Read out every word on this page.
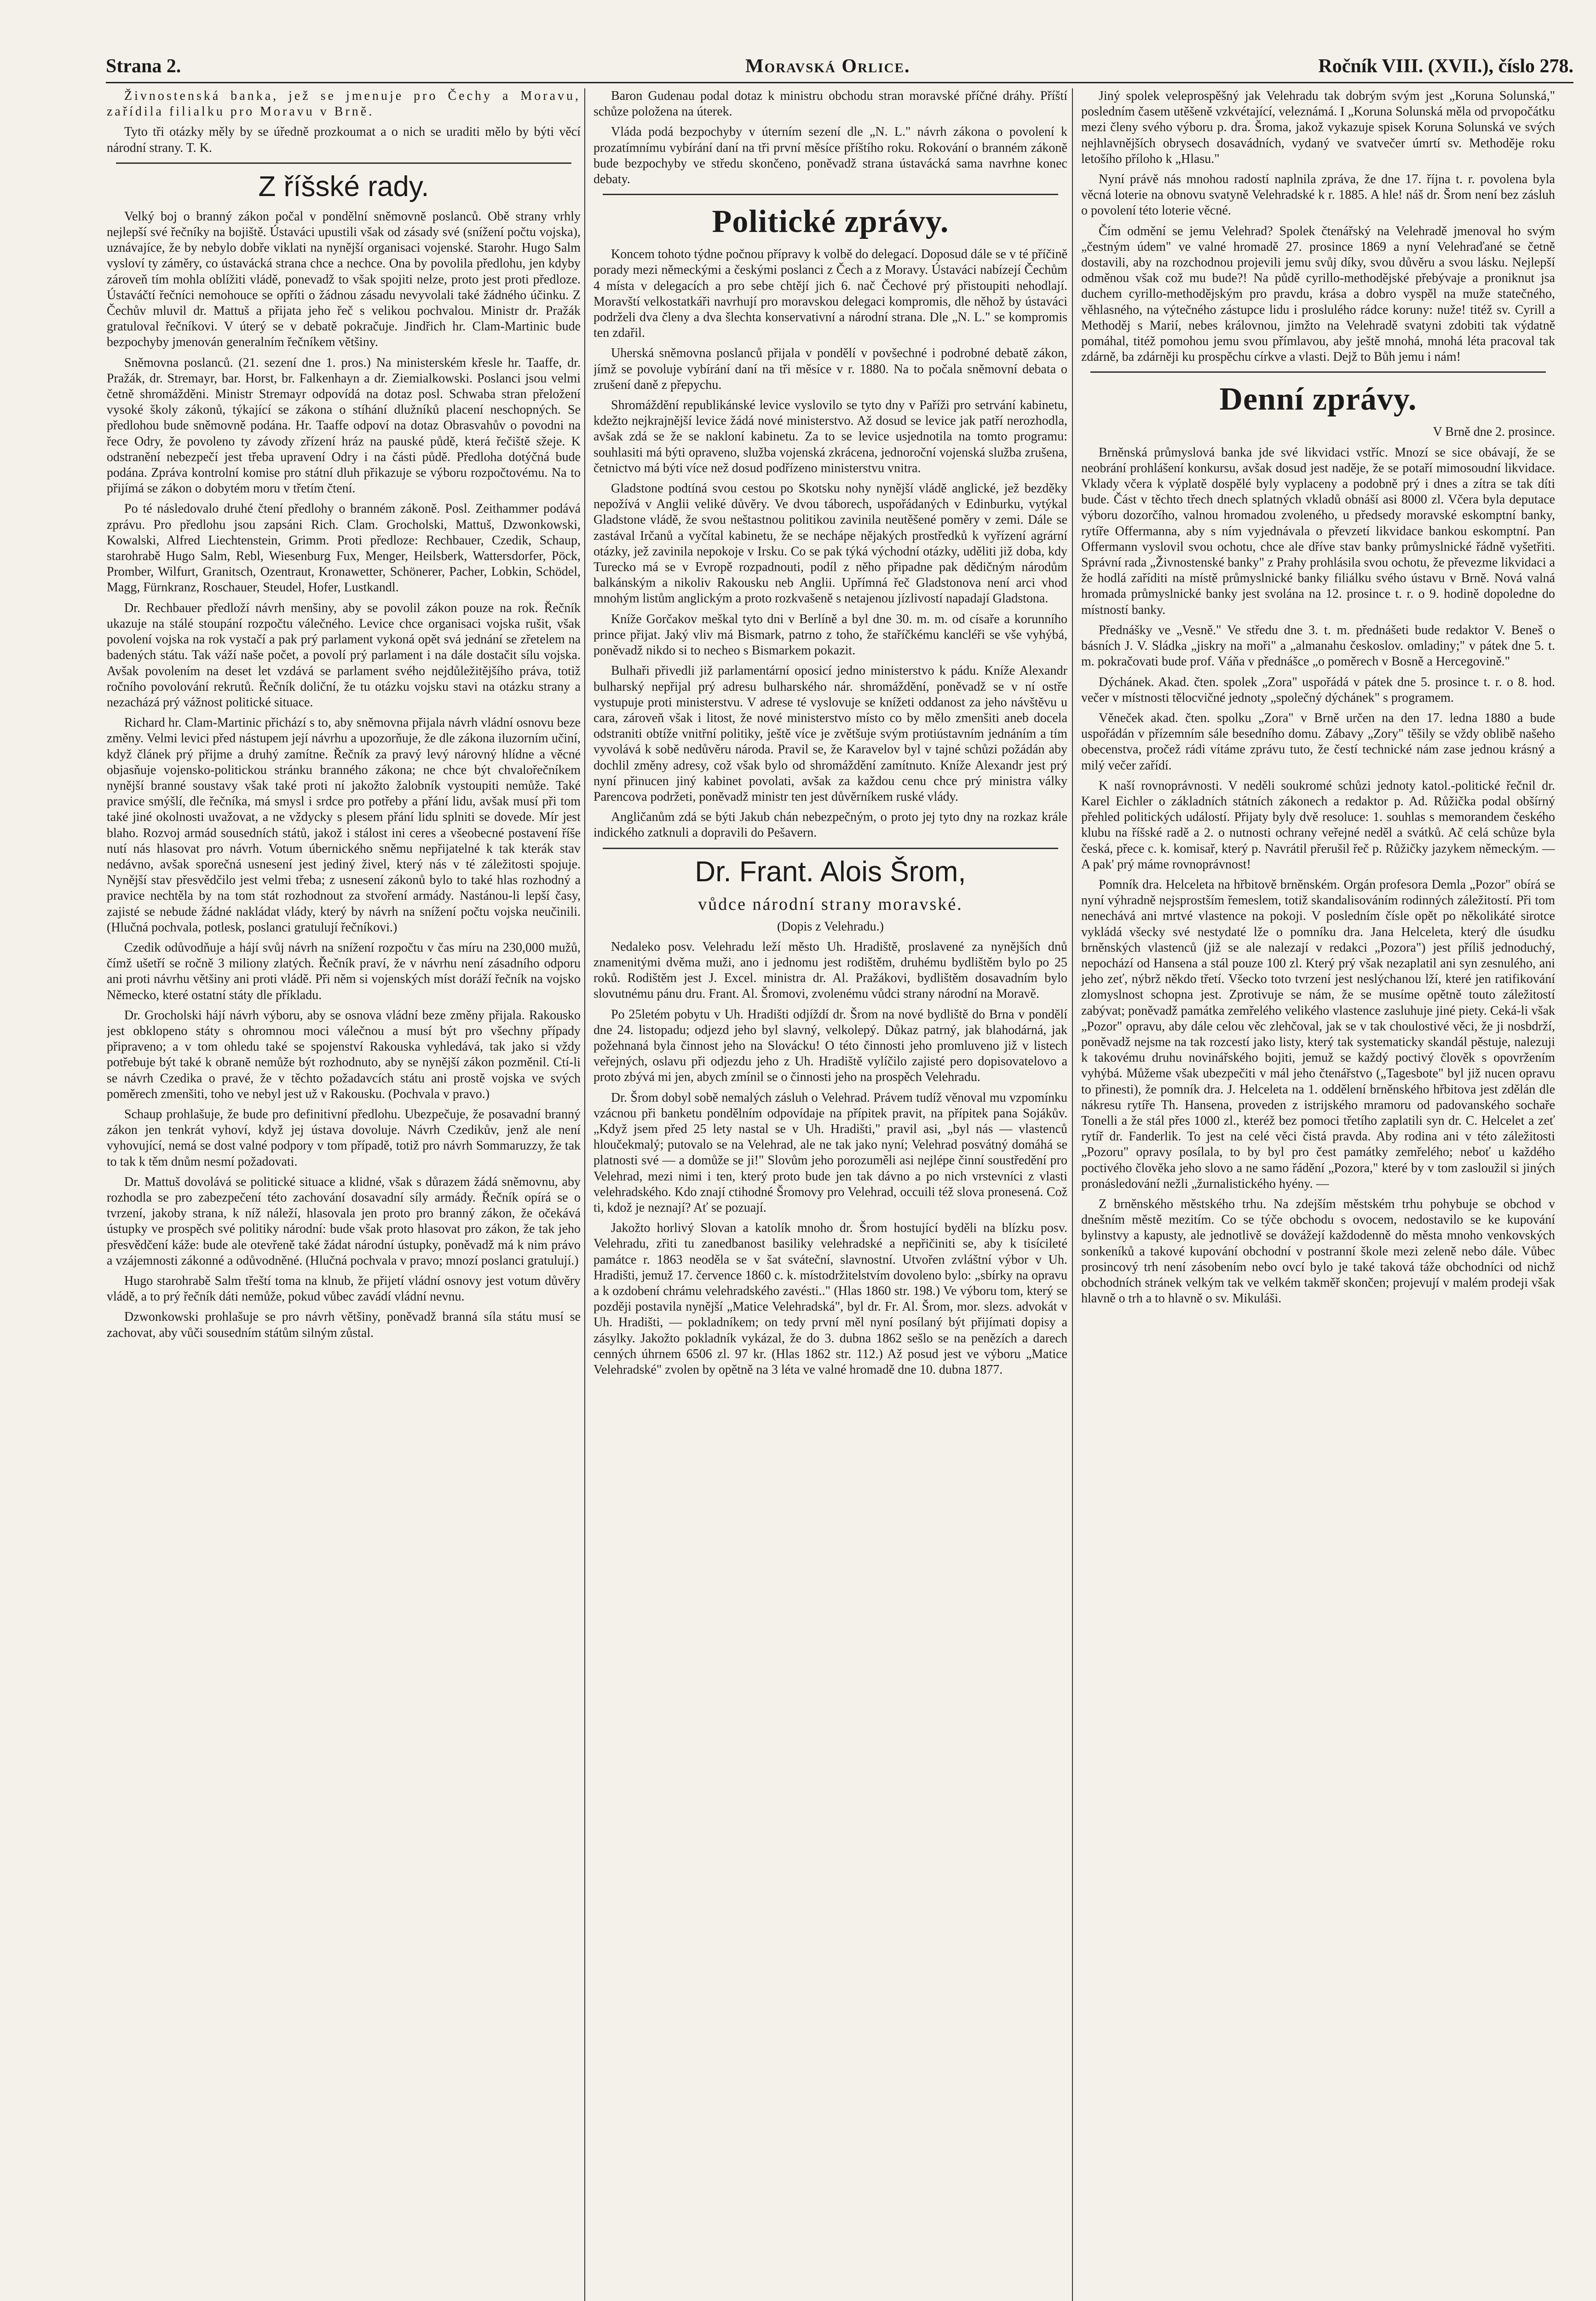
Strana 2.	Moravská Orlice.	Ročník VIII. (XVII.), číslo 278.

Živnostenská banka, jež se jmenuje pro Čechy a Moravu, zařídila filialku pro Moravu v Brně.

Tyto tři otázky měly by se úředně prozkoumat a o nich se uraditi mělo by býti věcí národní strany. T. K.

Z říšské rady.

Velký boj o branný zákon počal v pondělní sněmovně poslanců. Obě strany vrhly nejlepší své řečníky na bojiště. Ústaváci upustili však od zásady své (snížení počtu vojska), uznávajíce, že by nebylo dobře viklati na nynější organisaci vojenské. Starohr. Hugo Salm vysloví ty záměry, co ústavácká strana chce a nechce. Ona by povolila předlohu, jen kdyby zároveň tím mohla oblížiti vládě, ponevadž to však spojiti nelze, proto jest proti předloze. Ústaváčtí řečníci nemohouce se opříti o žádnou zásadu nevyvolali také žádného účinku. Z Čechův mluvil dr. Mattuš a přijata jeho řeč s velikou pochvalou. Ministr dr. Pražák gratuloval řečníkovi. V úterý se v debatě pokračuje. Jindřich hr. Clam-Martinic bude bezpochyby jmenován generalním řečníkem většiny.

Sněmovna poslanců. (21. sezení dne 1. pros.) Na ministerském křesle hr. Taaffe, dr. Pražák, dr. Stremayr, bar. Horst, br. Falkenhayn a dr. Ziemialkowski. Poslanci jsou velmi četně shromážděni. Ministr Stremayr odpovídá na dotaz posl. Schwaba stran přeložení vysoké školy zákonů, týkající se zákona o stíhání dlužníků placení neschopných. Se předlohou bude sněmovně podána. Hr. Taaffe odpoví na dotaz Obrasvahův o povodni na řece Odry, že povoleno ty závody zřízení hráz na pauské půdě, která řečiště sžeje. K odstranění nebezpečí jest třeba upravení Odry i na části půdě. Předloha dotýčná bude podána. Zpráva kontrolní komise pro státní dluh přikazuje se výboru rozpočtovému. Na to přijímá se zákon o dobytém moru v třetím čtení.

Po té následovalo druhé čtení předlohy o branném zákoně. Posl. Zeithammer podává zprávu. Pro předlohu jsou zapsáni Rich. Clam. Grocholski, Mattuš, Dzwonkowski, Kowalski, Alfred Liechtenstein, Grimm. Proti předloze: Rechbauer, Czedik, Schaup, starohrabě Hugo Salm, Rebl, Wiesenburg Fux, Menger, Heilsberk, Wattersdorfer, Pöck, Promber, Wilfurt, Granitsch, Ozentraut, Kronawetter, Schönerer, Pacher, Lobkin, Schödel, Magg, Fürnkranz, Roschauer, Steudel, Hofer, Lustkandl.

Dr. Rechbauer předloží návrh menšiny, aby se povolil zákon pouze na rok. Řečník ukazuje na stálé stoupání rozpočtu válečného. Levice chce organisaci vojska rušit, však povolení vojska na rok vystačí a pak prý parlament vykoná opět svá jednání se zřetelem na badených státu. Tak váží naše počet, a povolí prý parlament i na dále dostačit sílu vojska. Avšak povolením na deset let vzdává se parlament svého nejdůležitějšího práva, totiž ročního povolování rekrutů. Řečník doliční, že tu otázku vojsku stavi na otázku strany a nezacházá prý vážnost politické situace.

Richard hr. Clam-Martinic přichází s to, aby sněmovna přijala návrh vládní osnovu beze změny. Velmi levici před nástupem její návrhu a upozorňuje, že dle zákona iluzorním učiní, když článek prý přijme a druhý zamítne. Řečník za pravý levý nárovný hlídne a věcné objasňuje vojensko-politickou stránku branného zákona; ne chce být chvalořečníkem nynější branné soustavy však také proti ní jakožto žalobník vystoupiti nemůže. Také pravice smýšlí, dle řečníka, má smysl i srdce pro potřeby a přání lidu, avšak musí při tom také jiné okolnosti uvažovat, a ne vždycky s plesem přání lidu splniti se dovede. Mír jest blaho. Rozvoj armád sousedních států, jakož i stálost ini ceres a všeobecné postavení říše nutí nás hlasovat pro návrh. Votum úbernického sněmu nepřijatelné k tak kterák stav nedávno, avšak sporečná usnesení jest jediný živel, který nás v té záležitosti spojuje. Nynější stav přesvědčilo jest velmi třeba; z usnesení zákonů bylo to také hlas rozhodný a pravice nechtěla by na tom stát rozhodnout za stvoření armády. Nastánou-li lepší časy, zajisté se nebude žádné nakládat vlády, který by návrh na snížení počtu vojska neučinili. (Hlučná pochvala, potlesk, poslanci gratulují řečníkovi.)

Czedik odůvodňuje a hájí svůj návrh na snížení rozpočtu v čas míru na 230,000 mužů, čímž ušetří se ročně 3 miliony zlatých. Řečník praví, že v návrhu není zásadního odporu ani proti návrhu většiny ani proti vládě. Při něm si vojenských míst doráží řečník na vojsko Německo, které ostatní státy dle příkladu.

Dr. Grocholski hájí návrh výboru, aby se osnova vládní beze změny přijala. Rakousko jest obklopeno státy s ohromnou moci válečnou a musí být pro všechny případy připraveno; a v tom ohledu také se spojenství Rakouska vyhledává, tak jako si vždy potřebuje být také k obraně nemůže být rozhodnuto, aby se nynější zákon pozměnil. Ctí-li se návrh Czedika o pravé, že v těchto požadavcích státu ani prostě vojska ve svých poměrech zmenšiti, toho ve nebyl jest už v Rakousku. (Pochvala v pravo.)

Schaup prohlašuje, že bude pro definitivní předlohu. Ubezpečuje, že posavadní branný zákon jen tenkrát vyhoví, když jej ústava dovoluje. Návrh Czedikův, jenž ale není vyhovující, nemá se dost valné podpory v tom případě, totiž pro návrh Sommaruzzy, že tak to tak k těm dnům nesmí požadovati.

Dr. Mattuš dovolává se politické situace a klidné, však s důrazem žádá sněmovnu, aby rozhodla se pro zabezpečení této zachování dosavadní síly armády. Řečník opírá se o tvrzení, jakoby strana, k níž náleží, hlasovala jen proto pro branný zákon, že očekává ústupky ve prospěch své politiky národní: bude však proto hlasovat pro zákon, že tak jeho přesvědčení káže: bude ale otevřeně také žádat národní ústupky, poněvadž má k nim právo a vzájemnosti zákonné a odůvodněné. (Hlučná pochvala v pravo; mnozí poslanci gratulují.)

Hugo starohrabě Salm třeští toma na klnub, že přijetí vládní osnovy jest votum důvěry vládě, a to prý řečník dáti nemůže, pokud vůbec zavádí vládní nevnu.

Dzwonkowski prohlašuje se pro návrh většiny, poněvadž branná síla státu musí se zachovat, aby vůči sousedním státům silným zůstal.

Baron Gudenau podal dotaz k ministru obchodu stran moravské příčné dráhy. Příští schůze položena na úterek.

Vláda podá bezpochyby v úterním sezení dle „N. L." návrh zákona o povolení k prozatímnímu vybírání daní na tři první měsíce příštího roku. Rokování o branném zákoně bude bezpochyby ve středu skončeno, poněvadž strana ústavácká sama navrhne konec debaty.

Politické zprávy.

Koncem tohoto týdne počnou přípravy k volbě do delegací. Doposud dále se v té příčině porady mezi německými a českými poslanci z Čech a z Moravy. Ústaváci nabízejí Čechům 4 místa v delegacích a pro sebe chtějí jich 6. nač Čechové prý přistoupiti nehodlají. Moravští velkostatkáři navrhují pro moravskou delegaci kompromis, dle něhož by ústaváci podrželi dva členy a dva šlechta konservativní a národní strana. Dle „N. L." se kompromis ten zdařil.

Uherská sněmovna poslanců přijala v pondělí v povšechné i podrobné debatě zákon, jímž se povoluje vybírání daní na tři měsíce v r. 1880. Na to počala sněmovní debata o zrušení daně z přepychu.

Shromáždění republikánské levice vyslovilo se tyto dny v Paříži pro setrvání kabinetu, kdežto nejkrajnější levice žádá nové ministerstvo. Až dosud se levice jak patří nerozhodla, avšak zdá se že se nakloní kabinetu. Za to se levice usjednotila na tomto programu: souhlasiti má býti opraveno, služba vojenská zkrácena, jednoroční vojenská služba zrušena, četnictvo má býti více než dosud podřízeno ministerstvu vnitra.

Gladstone podtíná svou cestou po Skotsku nohy nynější vládě anglické, jež bezděky nepožívá v Anglii veliké důvěry. Ve dvou táborech, uspořádaných v Edinburku, vytýkal Gladstone vládě, že svou neštastnou politikou zavinila neutěšené poměry v zemi. Dále se zastával Irčanů a vyčítal kabinetu, že se nechápe nějakých prostředků k vyřízení agrární otázky, jež zavinila nepokoje v Irsku. Co se pak týká východní otázky, uděliti již doba, kdy Turecko má se v Evropě rozpadnouti, podíl z něho připadne pak dědičným národům balkánským a nikoliv Rakousku neb Anglii. Upřímná řeč Gladstonova není arci vhod mnohým listům anglickým a proto rozkvašeně s netajenou jízlivostí napadají Gladstona.

Kníže Gorčakov meškal tyto dni v Berlíně a byl dne 30. m. m. od císaře a korunního prince přijat. Jaký vliv má Bismark, patrno z toho, že staříčkému kancléři se vše vyhýbá, poněvadž nikdo si to necheo s Bismarkem pokazit.

Bulhaři přivedli již parlamentární oposicí jedno ministerstvo k pádu. Kníže Alexandr bulharský nepřijal prý adresu bulharského nár. shromáždění, poněvadž se v ní ostře vystupuje proti ministerstvu. V adrese té vyslovuje se knížeti oddanost za jeho návštěvu u cara, zároveň však i litost, že nové ministerstvo místo co by mělo zmenšiti aneb docela odstraniti obtíže vnitřní politiky, ještě více je zvětšuje svým protiústavním jednáním a tím vyvolává k sobě nedůvěru národa. Pravil se, že Karavelov byl v tajné schůzi požádán aby dochlil změny adresy, což však bylo od shromáždění zamítnuto. Kníže Alexandr jest prý nyní přinucen jiný kabinet povolati, avšak za každou cenu chce prý ministra války Parencova podržeti, poněvadž ministr ten jest důvěrníkem ruské vlády.

Angličanům zdá se býti Jakub chán nebezpečným, o proto jej tyto dny na rozkaz krále indického zatknuli a dopravili do Pešavern.

Dr. Frant. Alois Šrom,
vůdce národní strany moravské.

(Dopis z Velehradu.)

Nedaleko posv. Velehradu leží město Uh. Hradiště, proslavené za nynějších dnů znamenitými dvěma muži, ano i jednomu jest rodištěm, druhému bydlištěm bylo po 25 roků. Rodištěm jest J. Excel. ministra dr. Al. Pražákovi, bydlištěm dosavadním bylo slovutnému pánu dru. Frant. Al. Šromovi, zvolenému vůdci strany národní na Moravě.

Po 25letém pobytu v Uh. Hradišti odjíždí dr. Šrom na nové bydliště do Brna v pondělí dne 24. listopadu; odjezd jeho byl slavný, velkolepý. Důkaz patrný, jak blahodárná, jak požehnaná byla činnost jeho na Slovácku! O této činnosti jeho promluveno již v listech veřejných, oslavu při odjezdu jeho z Uh. Hradiště vylíčilo zajisté pero dopisovatelovo a proto zbývá mi jen, abych zmínil se o činnosti jeho na prospěch Velehradu.

Dr. Šrom dobyl sobě nemalých zásluh o Velehrad. Právem tudíž věnoval mu vzpomínku vzácnou při banketu pondělním odpovídaje na přípitek pravit, na přípitek pana Sojákův. „Když jsem před 25 lety nastal se v Uh. Hradišti," pravil asi, „byl nás — vlastenců hloučekmalý; putovalo se na Velehrad, ale ne tak jako nyní; Velehrad posvátný domáhá se platnosti své — a domůže se ji!" Slovům jeho porozuměli asi nejlépe činní soustředění pro Velehrad, mezi nimi i ten, který proto bude jen tak dávno a po nich vrstevníci z vlasti velehradského. Kdo znají ctihodné Šromovy pro Velehrad, occuili též slova pronesená. Což ti, kdož je neznají? Ať se pozuají.

Jakožto horlivý Slovan a katolík mnoho dr. Šrom hostující byděli na blízku posv. Velehradu, zřiti tu zanedbanost basiliky velehradské a nepřičiniti se, aby k tisícileté památce r. 1863 neoděla se v šat sváteční, slavnostní. Utvořen zvláštní výbor v Uh. Hradišti, jemuž 17. července 1860 c. k. místodržitelstvím dovoleno bylo: „sbírky na opravu a k ozdobení chrámu velehradského zavésti.." (Hlas 1860 str. 198.) Ve výboru tom, který se později postavila nynější „Matice Velehradská", byl dr. Fr. Al. Šrom, mor. slezs. advokát v Uh. Hradišti, — pokladníkem; on tedy první měl nyní posílaný být přijímati dopisy a zásylky. Jakožto pokladník vykázal, že do 3. dubna 1862 sešlo se na penězích a darech cenných úhrnem 6506 zl. 97 kr. (Hlas 1862 str. 112.) Až posud jest ve výboru „Matice Velehradské" zvolen by opětně na 3 léta ve valné hromadě dne 10. dubna 1877.

Jiný spolek veleprospěšný jak Velehradu tak dobrým svým jest „Koruna Solunská," posledním časem utěšeně vzkvétající, veleznámá. I „Koruna Solunská měla od prvopočátku mezi členy svého výboru p. dra. Šroma, jakož vykazuje spisek Koruna Solunská ve svých nejhlavnějších obrysech dosavádních, vydaný ve svatvečer úmrtí sv. Methoděje roku letošího příloho k „Hlasu."

Nyní právě nás mnohou radostí naplnila zpráva, že dne 17. října t. r. povolena byla věcná loterie na obnovu svatyně Velehradské k r. 1885. A hle! náš dr. Šrom není bez zásluh o povolení této loterie věcné.

Čím odmění se jemu Velehrad? Spolek čtenářský na Velehradě jmenoval ho svým „čestným údem" ve valné hromadě 27. prosince 1869 a nyní Velehraďané se četně dostavili, aby na rozchodnou projevili jemu svůj díky, svou důvěru a svou lásku. Nejlepší odměnou však což mu bude?! Na půdě cyrillo-methodějské přebývaje a proniknut jsa duchem cyrillo-methodějským pro pravdu, krása a dobro vyspěl na muže statečného, věhlasného, na výtečného zástupce lidu i proslulého rádce koruny: nuže! titéž sv. Cyrill a Methoděj s Marií, nebes královnou, jimžto na Velehradě svatyni zdobiti tak výdatně pomáhal, titéž pomohou jemu svou přímlavou, aby ještě mnohá, mnohá léta pracoval tak zdárně, ba zdárněji ku prospěchu církve a vlasti. Dejž to Bůh jemu i nám!

Denní zprávy.

V Brně dne 2. prosince.

Brněnská průmyslová banka jde své likvidaci vstříc. Mnozí se sice obávají, že se neobrání prohlášení konkursu, avšak dosud jest naděje, že se potaří mimosoudní likvidace. Vklady včera k výplatě dospělé byly vyplaceny a podobně prý i dnes a zítra se tak díti bude. Část v těchto třech dnech splatných vkladů obnáší asi 8000 zl. Včera byla deputace výboru dozorčího, valnou hromadou zvoleného, u předsedy moravské eskomptní banky, rytíře Offermanna, aby s ním vyjednávala o převzetí likvidace bankou eskomptní. Pan Offermann vyslovil svou ochotu, chce ale dříve stav banky průmyslnické řádně vyšetřiti. Správní rada „Živnostenské banky" z Prahy prohlásila svou ochotu, že převezme likvidaci a že hodlá zaříditi na místě průmyslnické banky filiálku svého ústavu v Brně. Nová valná hromada průmyslnické banky jest svolána na 12. prosince t. r. o 9. hodině dopoledne do místností banky.

Přednášky ve „Vesně." Ve středu dne 3. t. m. přednášeti bude redaktor V. Beneš o básních J. V. Sládka „jiskry na moři" a „almanahu českoslov. omladiny;" v pátek dne 5. t. m. pokračovati bude prof. Váňa v přednášce „o poměrech v Bosně a Hercegovině."

Dýchánek. Akad. čten. spolek „Zora" uspořádá v pátek dne 5. prosince t. r. o 8. hod. večer v místnosti tělocvičné jednoty „společný dýchánek" s programem.

Věneček akad. čten. spolku „Zora" v Brně určen na den 17. ledna 1880 a bude uspořádán v přízemním sále besedního domu. Zábavy „Zory" těšily se vždy oblibě našeho obecenstva, pročež rádi vítáme zprávu tuto, že čestí technické nám zase jednou krásný a milý večer zařídí.

K naší rovnoprávnosti. V neděli soukromé schůzi jednoty katol.-politické řečnil dr. Karel Eichler o základních státních zákonech a redaktor p. Ad. Růžička podal obšírný přehled politických událostí. Přijaty byly dvě resoluce: 1. souhlas s memorandem českého klubu na říšské radě a 2. o nutnosti ochrany veřejné neděl a svátků. Ač celá schůze byla česká, přece c. k. komisař, který p. Navrátil přerušil řeč p. Růžičky jazykem německým. — A pak' prý máme rovnoprávnost!

Pomník dra. Helceleta na hřbitově brněnském. Orgán profesora Demla „Pozor" obírá se nyní výhradně nejsprostším řemeslem, totiž skandalisováním rodinných záležitostí. Při tom nenechává ani mrtvé vlastence na pokoji. V posledním čísle opět po několikáté sirotce vykládá všecky své nestydaté lže o pomníku dra. Jana Helceleta, který dle úsudku brněnských vlastenců (již se ale nalezají v redakci „Pozora") jest příliš jednoduchý, nepochází od Hansena a stál pouze 100 zl. Který prý však nezaplatil ani syn zesnulého, ani jeho zeť, nýbrž někdo třetí. Všecko toto tvrzení jest neslýchanou lží, které jen ratifikování zlomyslnost schopna jest. Zprotivuje se nám, že se musíme opětně touto záležitostí zabývat; poněvadž památka zemřelého velikého vlastence zasluhuje jiné piety. Ceká-li však „Pozor" opravu, aby dále celou věc zlehčoval, jak se v tak choulostivé věci, že ji nosbdrží, poněvadž nejsme na tak rozcestí jako listy, který tak systematicky skandál pěstuje, nalezuji k takovému druhu novinářského bojiti, jemuž se každý poctivý člověk s opovržením vyhýbá. Můžeme však ubezpečiti v mál jeho čtenářstvo („Tagesbote" byl již nucen opravu to přinesti), že pomník dra. J. Helceleta na 1. oddělení brněnského hřbitova jest zdělán dle nákresu rytíře Th. Hansena, proveden z istrijského mramoru od padovanského sochaře Tonelli a že stál přes 1000 zl., kteréž bez pomoci třetího zaplatili syn dr. C. Helcelet a zeť rytíř dr. Fanderlik. To jest na celé věci čistá pravda. Aby rodina ani v této záležitosti „Pozoru" opravy posílala, to by byl pro čest památky zemřelého; neboť u každého poctivého člověka jeho slovo a ne samo řádění „Pozora," které by v tom zasloužil si jiných pronásledování nežli „žurnalistického hyény. —

Z brněnského městského trhu. Na zdejším městském trhu pohybuje se obchod v dnešním městě mezitím. Co se týče obchodu s ovocem, nedostavilo se ke kupování bylinstvy a kapusty, ale jednotlivě se dovážejí každodenně do města mnoho venkovských sonkeníků a takové kupování obchodní v postranní škole mezi zeleně nebo dále. Vůbec prosincový trh není zásobením nebo ovcí bylo je také taková táže obchodníci od nichž obchodních stránek velkým tak ve velkém takměř skončen; projevují v malém prodeji však hlavně o trh a to hlavně o sv. Mikuláši.
